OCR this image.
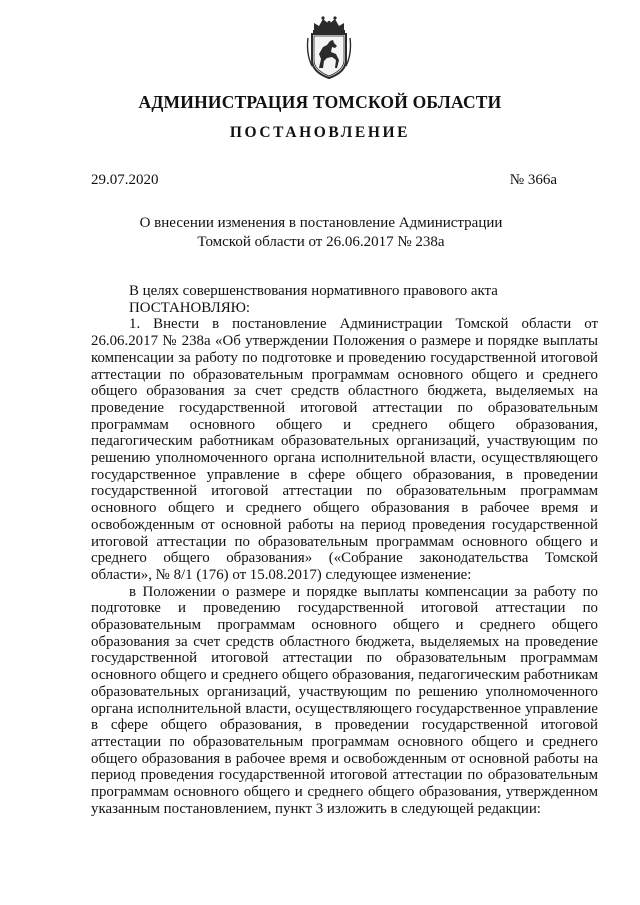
АДМИНИСТРАЦИЯ ТОМСКОЙ ОБЛАСТИ
ПОСТАНОВЛЕНИЕ
29.07.2020	№ 366а
О внесении изменения в постановление Администрации
Томской области от 26.06.2017 № 238а

В целях совершенствования нормативного правового акта

ПОСТАНОВЛЯЮ:

1. Внести в постановление Администрации Томской области от 26.06.2017 № 238а «Об утверждении Положения о размере и порядке выплаты компенсации за работу по подготовке и проведению государственной итоговой аттестации по образовательным программам основного общего и среднего общего образования за счет средств областного бюджета, выделяемых на проведение государственной итоговой аттестации по образовательным программам основного общего и среднего общего образования, педагогическим работникам образовательных организаций, участвующим по решению уполномоченного органа исполнительной власти, осуществляющего государственное управление в сфере общего образования, в проведении государственной итоговой аттестации по образовательным программам основного общего и среднего общего образования в рабочее время и освобожденным от основной работы на период проведения государственной итоговой аттестации по образовательным программам основного общего и среднего общего образования» («Собрание законодательства Томской области», № 8/1 (176) от 15.08.2017) следующее изменение:

в Положении о размере и порядке выплаты компенсации за работу по подготовке и проведению государственной итоговой аттестации по образовательным программам основного общего и среднего общего образования за счет средств областного бюджета, выделяемых на проведение государственной итоговой аттестации по образовательным программам основного общего и среднего общего образования, педагогическим работникам образовательных организаций, участвующим по решению уполномоченного органа исполнительной власти, осуществляющего государственное управление в сфере общего образования, в проведении государственной итоговой аттестации по образовательным программам основного общего и среднего общего образования в рабочее время и освобожденным от основной работы на период проведения государственной итоговой аттестации по образовательным программам основного общего и среднего общего образования, утвержденном указанным постановлением, пункт 3 изложить в следующей редакции:
